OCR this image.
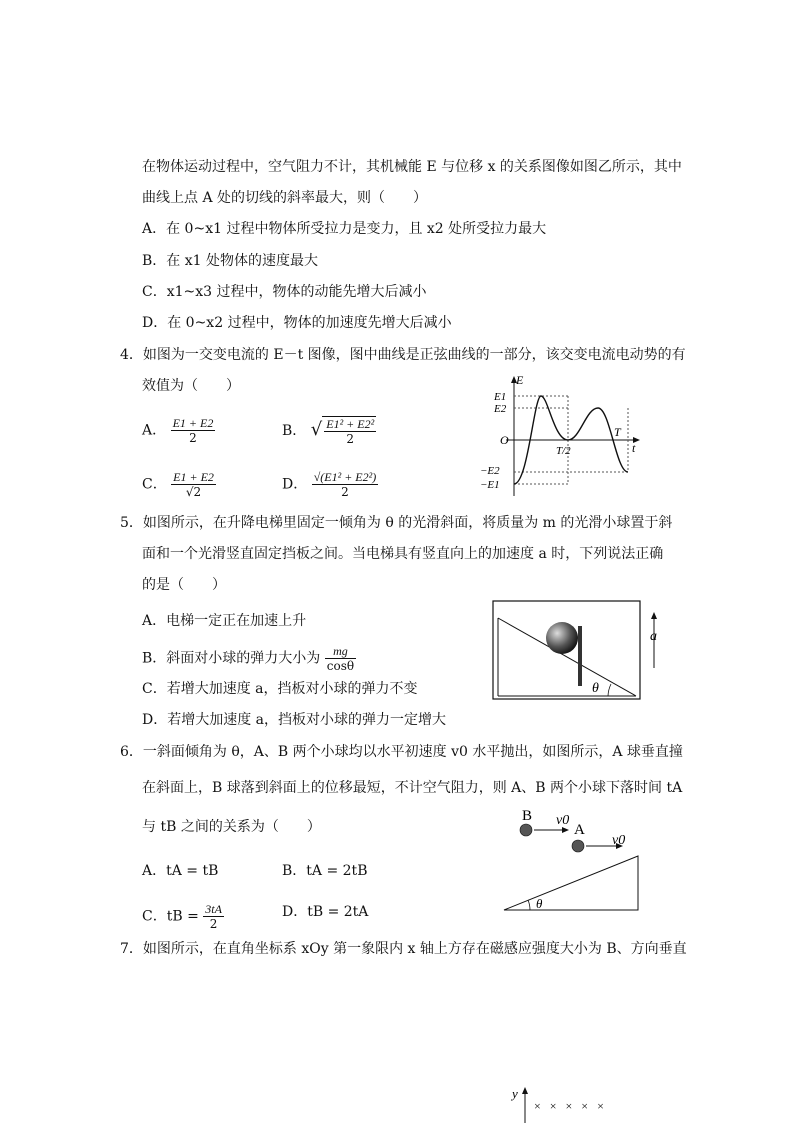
在物体运动过程中，空气阻力不计，其机械能 E 与位移 x 的关系图像如图乙所示，其中
曲线上点 A 处的切线的斜率最大，则（　　）
A．在 0~x1 过程中物体所受拉力是变力，且 x2 处所受拉力最大
B．在 x1 处物体的速度最大
C．x1~x3 过程中，物体的动能先增大后减小
D．在 0~x2 过程中，物体的加速度先增大后减小
4．如图为一交变电流的 E－t 图像，图中曲线是正弦曲线的一部分，该交变电流电动势的有
效值为（　　）
A． $\frac{E1 + E2}{2}$	B． √ $\frac{\text{E1² + E2²}}{2}$
C． $\frac{E1 + E2}{√2}$	D． $\frac{\text{√(E1² + E2²)}}{2}$
E
E1
E2
O
T
T/2	t
−E2
−E1
5．如图所示，在升降电梯里固定一倾角为 θ 的光滑斜面，将质量为 m 的光滑小球置于斜
面和一个光滑竖直固定挡板之间。当电梯具有竖直向上的加速度 a 时，下列说法正确
的是（　　）
A．电梯一定正在加速上升
B．斜面对小球的弹力大小为 $\frac{mg}{\cos\theta}$
C．若增大加速度 a，挡板对小球的弹力不变
D．若增大加速度 a，挡板对小球的弹力一定增大
θ
a
6．一斜面倾角为 θ，A、B 两个小球均以水平初速度 v0 水平抛出，如图所示，A 球垂直撞
在斜面上，B 球落到斜面上的位移最短，不计空气阻力，则 A、B 两个小球下落时间 tA
与 tB 之间的关系为（　　）
A．tA = tB	B．tA = 2tB
C．tB = $\frac{3tA}{2}$	D．tB = 2tA
B v0
A
v0
θ
7．如图所示，在直角坐标系 xOy 第一象限内 x 轴上方存在磁感应强度大小为 B、方向垂直
y
× × × × ×
